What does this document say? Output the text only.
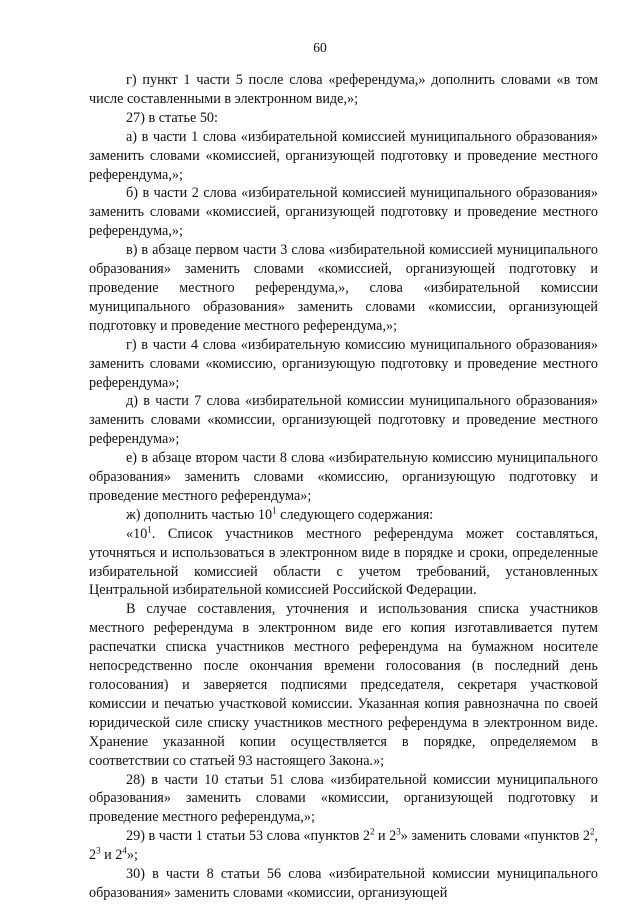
60

г) пункт 1 части 5 после слова «референдума,» дополнить словами «в том числе составленными в электронном виде,»;

27) в статье 50:

а) в части 1 слова «избирательной комиссией муниципального образования» заменить словами «комиссией, организующей подготовку и проведение местного референдума,»;

б) в части 2 слова «избирательной комиссией муниципального образования» заменить словами «комиссией, организующей подготовку и проведение местного референдума,»;

в) в абзаце первом части 3 слова «избирательной комиссией муниципального образования» заменить словами «комиссией, организующей подготовку и проведение местного референдума,», слова «избирательной комиссии муниципального образования» заменить словами «комиссии, организующей подготовку и проведение местного референдума,»;

г) в части 4 слова «избирательную комиссию муниципального образования» заменить словами «комиссию, организующую подготовку и проведение местного референдума»;

д) в части 7 слова «избирательной комиссии муниципального образования» заменить словами «комиссии, организующей подготовку и проведение местного референдума»;

е) в абзаце втором части 8 слова «избирательную комиссию муниципального образования» заменить словами «комиссию, организующую подготовку и проведение местного референдума»;

ж) дополнить частью $10^1$ следующего содержания:

«$10^1$. Список участников местного референдума может составляться, уточняться и использоваться в электронном виде в порядке и сроки, определенные избирательной комиссией области с учетом требований, установленных Центральной избирательной комиссией Российской Федерации.

В случае составления, уточнения и использования списка участников местного референдума в электронном виде его копия изготавливается путем распечатки списка участников местного референдума на бумажном носителе непосредственно после окончания времени голосования (в последний день голосования) и заверяется подписями председателя, секретаря участковой комиссии и печатью участковой комиссии. Указанная копия равнозначна по своей юридической силе списку участников местного референдума в электронном виде. Хранение указанной копии осуществляется в порядке, определяемом в соответствии со статьей 93 настоящего Закона.»;

28) в части 10 статьи 51 слова «избирательной комиссии муниципального образования» заменить словами «комиссии, организующей подготовку и проведение местного референдума,»;

29) в части 1 статьи 53 слова «пунктов $2^2$ и $2^3$» заменить словами «пунктов $2^2$, $2^3$ и $2^4$»;

30) в части 8 статьи 56 слова «избирательной комиссии муниципального образования» заменить словами «комиссии, организующей
